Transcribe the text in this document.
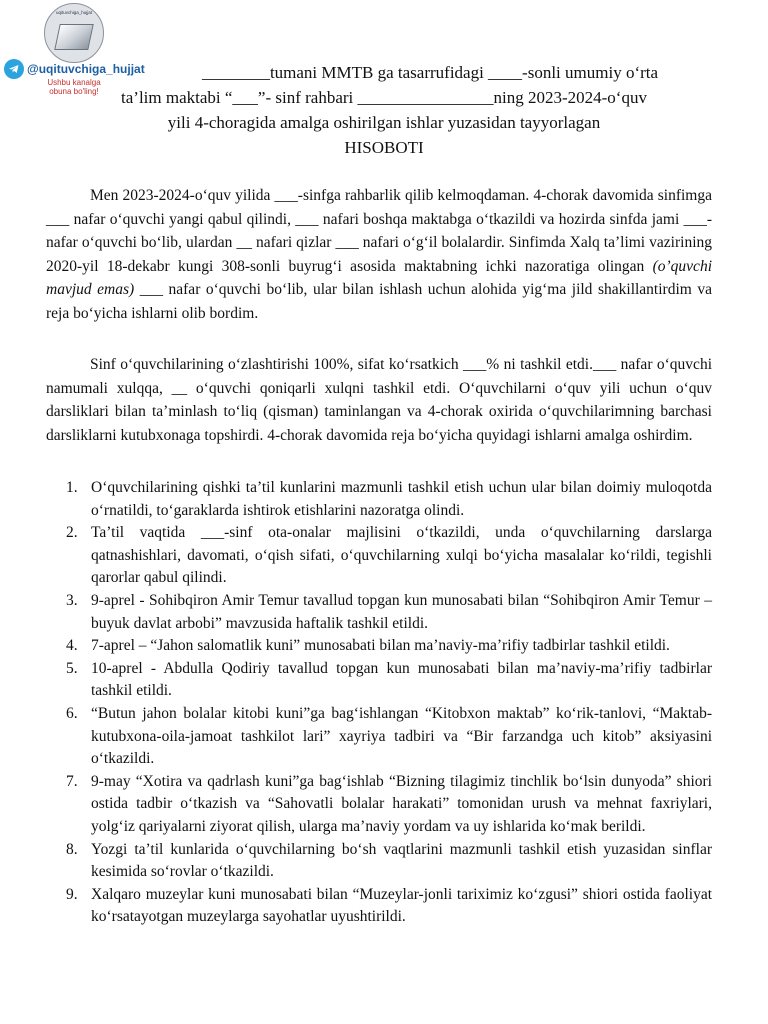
uqituvchiga_hujjat
@uqituvchiga_hujjat
Ushbu kanalga obuna bo'ling!
________tumani MMTB ga tasarrufidagi ____-sonli umumiy o‘rta
ta’lim maktabi “___”- sinf rahbari ________________ning 2023-2024-o‘quv
yili 4-choragida amalga oshirilgan ishlar yuzasidan tayyorlagan
HISOBOTI

Men 2023-2024-o‘quv yilida ___-sinfga rahbarlik qilib kelmoqdaman. 4-chorak davomida sinfimga ___ nafar o‘quvchi yangi qabul qilindi, ___ nafari boshqa maktabga o‘tkazildi va hozirda sinfda jami ___-nafar o‘quvchi bo‘lib, ulardan __ nafari qizlar ___ nafari o‘g‘il bolalardir. Sinfimda Xalq ta’limi vazirining 2020-yil 18-dekabr kungi 308-sonli buyrug‘i asosida maktabning ichki nazoratiga olingan (o’quvchi mavjud emas) ___ nafar o‘quvchi bo‘lib, ular bilan ishlash uchun alohida yig‘ma jild shakillantirdim va reja bo‘yicha ishlarni olib bordim.

Sinf o‘quvchilarining o‘zlashtirishi 100%, sifat ko‘rsatkich ___% ni tashkil etdi.___ nafar o‘quvchi namumali xulqqa, __ o‘quvchi qoniqarli xulqni tashkil etdi. O‘quvchilarni o‘quv yili uchun o‘quv darsliklari bilan ta’minlash to‘liq (qisman) taminlangan va 4-chorak oxirida o‘quvchilarimning barchasi darsliklarni kutubxonaga topshirdi. 4-chorak davomida reja bo‘yicha quyidagi ishlarni amalga oshirdim.

1. O‘quvchilarining qishki ta’til kunlarini mazmunli tashkil etish uchun ular bilan doimiy muloqotda o‘rnatildi, to‘garaklarda ishtirok etishlarini nazoratga olindi.
2. Ta’til vaqtida ___-sinf ota-onalar majlisini o‘tkazildi, unda o‘quvchilarning darslarga qatnashishlari, davomati, o‘qish sifati, o‘quvchilarning xulqi bo‘yicha masalalar ko‘rildi, tegishli qarorlar qabul qilindi.
3. 9-aprel - Sohibqiron Amir Temur tavallud topgan kun munosabati bilan “Sohibqiron Amir Temur – buyuk davlat arbobi” mavzusida haftalik tashkil etildi.
4. 7-aprel – “Jahon salomatlik kuni” munosabati bilan ma’naviy-ma’rifiy tadbirlar tashkil etildi.
5. 10-aprel - Abdulla Qodiriy tavallud topgan kun munosabati bilan ma’naviy-ma’rifiy tadbirlar tashkil etildi.
6. “Butun jahon bolalar kitobi kuni”ga bag‘ishlangan “Kitobxon maktab” ko‘rik-tanlovi, “Maktab-kutubxona-oila-jamoat tashkilot lari” xayriya tadbiri va “Bir farzandga uch kitob” aksiyasini o‘tkazildi.
7. 9-may “Xotira va qadrlash kuni”ga bag‘ishlab “Bizning tilagimiz tinchlik bo‘lsin dunyoda” shiori ostida tadbir o‘tkazish va “Sahovatli bolalar harakati” tomonidan urush va mehnat faxriylari, yolg‘iz qariyalarni ziyorat qilish, ularga ma’naviy yordam va uy ishlarida ko‘mak berildi.
8. Yozgi ta’til kunlarida o‘quvchilarning bo‘sh vaqtlarini mazmunli tashkil etish yuzasidan sinflar kesimida so‘rovlar o‘tkazildi.
9. Xalqaro muzeylar kuni munosabati bilan “Muzeylar-jonli tariximiz ko‘zgusi” shiori ostida faoliyat ko‘rsatayotgan muzeylarga sayohatlar uyushtirildi.
